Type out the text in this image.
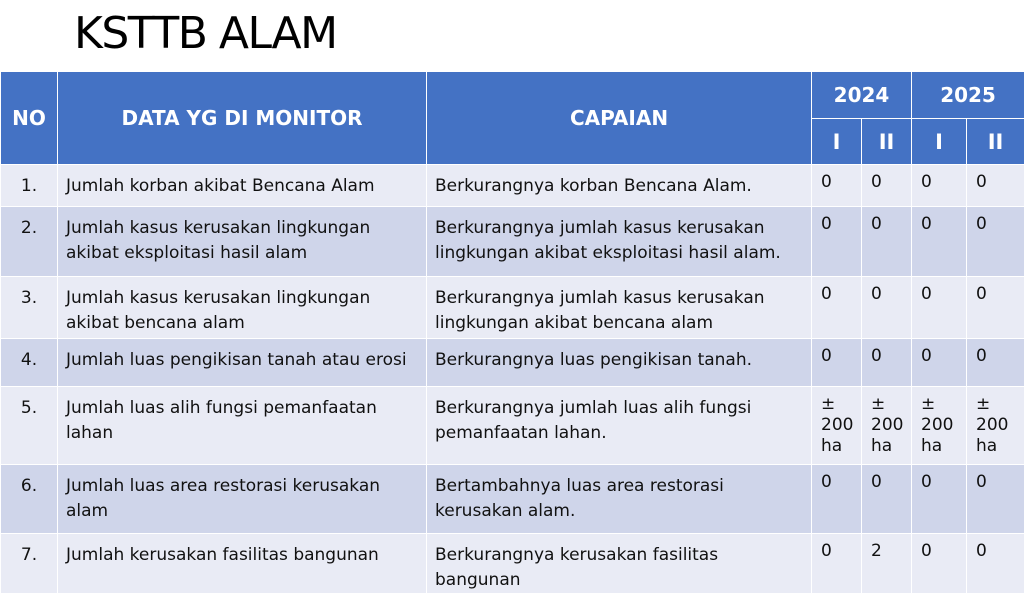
KSTTB ALAM
NO	DATA YG DI MONITOR	CAPAIAN	2024		2025	
			I	II	I	II
1.	Jumlah korban akibat Bencana Alam	Berkurangnya korban Bencana Alam.	0	0	0	0
2.	Jumlah kasus kerusakan lingkungan akibat eksploitasi hasil alam	Berkurangnya jumlah kasus kerusakan lingkungan akibat eksploitasi hasil alam.	0	0	0	0
3.	Jumlah kasus kerusakan lingkungan akibat bencana alam	Berkurangnya jumlah kasus kerusakan lingkungan akibat bencana alam	0	0	0	0
4.	Jumlah luas pengikisan tanah atau erosi	Berkurangnya luas pengikisan tanah.	0	0	0	0
5.	Jumlah luas alih fungsi pemanfaatan lahan	Berkurangnya jumlah luas alih fungsi pemanfaatan lahan.	± 200 ha	± 200 ha	± 200 ha	± 200 ha
6.	Jumlah luas area restorasi kerusakan alam	Bertambahnya luas area restorasi kerusakan alam.	0	0	0	0
7.	Jumlah kerusakan fasilitas bangunan	Berkurangnya kerusakan fasilitas bangunan	0	2	0	0
